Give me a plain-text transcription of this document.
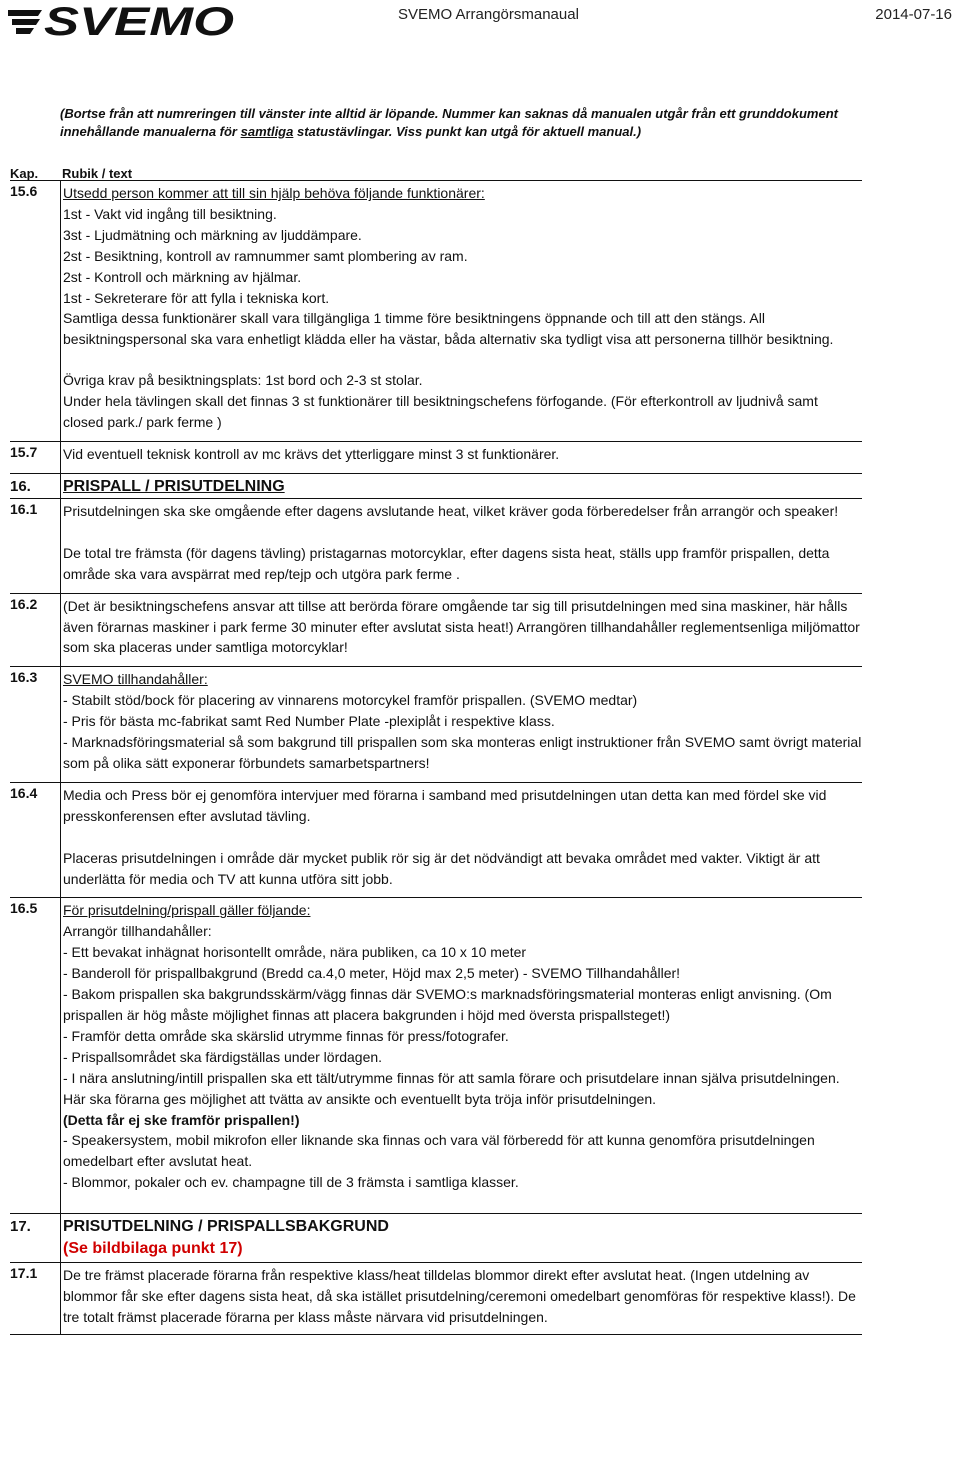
SVEMO	SVEMO Arrangörsmanaual	2014-07-16
(Bortse från att numreringen till vänster inte alltid är löpande. Nummer kan saknas då manualen utgår från ett grunddokument innehållande manualerna för samtliga statustävlingar. Viss punkt kan utgå för aktuell manual.)
Kap. Rubik / text
15.6	Utsedd person kommer att till sin hjälp behöva följande funktionärer:

1st - Vakt vid ingång till besiktning.

3st - Ljudmätning och märkning av ljuddämpare.

2st - Besiktning, kontroll av ramnummer samt plombering av ram.

2st - Kontroll och märkning av hjälmar.

1st - Sekreterare för att fylla i tekniska kort.

Samtliga dessa funktionärer skall vara tillgängliga 1 timme före besiktningens öppnande och till att den stängs. All besiktningspersonal ska vara enhetligt klädda eller ha västar, båda alternativ ska tydligt visa att personerna tillhör besiktning.

Övriga krav på besiktningsplats: 1st bord och 2-3 st stolar.

Under hela tävlingen skall det finnas 3 st funktionärer till besiktningschefens förfogande. (För efterkontroll av ljudnivå samt closed park./ park ferme )

15.7	Vid eventuell teknisk kontroll av mc krävs det ytterliggare minst 3 st funktionärer.

16.	PRISPALL / PRISUTDELNING

16.1	Prisutdelningen ska ske omgående efter dagens avslutande heat, vilket kräver goda förberedelser från arrangör och speaker!

De total tre främsta (för dagens tävling) pristagarnas motorcyklar, efter dagens sista heat, ställs upp framför prispallen, detta område ska vara avspärrat med rep/tejp och utgöra park ferme .

16.2	(Det är besiktningschefens ansvar att tillse att berörda förare omgående tar sig till prisutdelningen med sina maskiner, här hålls även förarnas maskiner i park ferme 30 minuter efter avslutat sista heat!) Arrangören tillhandahåller reglementsenliga miljömattor som ska placeras under samtliga motorcyklar!

16.3	SVEMO tillhandahåller:

- Stabilt stöd/bock för placering av vinnarens motorcykel framför prispallen. (SVEMO medtar)

- Pris för bästa mc-fabrikat samt Red Number Plate -plexiplåt i respektive klass.

- Marknadsföringsmaterial så som bakgrund till prispallen som ska monteras enligt instruktioner från SVEMO samt övrigt material som på olika sätt exponerar förbundets samarbetspartners!

16.4	Media och Press bör ej genomföra intervjuer med förarna i samband med prisutdelningen utan detta kan med fördel ske vid presskonferensen efter avslutad tävling.

Placeras prisutdelningen i område där mycket publik rör sig är det nödvändigt att bevaka området med vakter. Viktigt är att underlätta för media och TV att kunna utföra sitt jobb.

16.5	För prisutdelning/prispall gäller följande:

Arrangör tillhandahåller:

- Ett bevakat inhägnat horisontellt område, nära publiken, ca 10 x 10 meter

- Banderoll för prispallbakgrund (Bredd ca.4,0 meter, Höjd max 2,5 meter) - SVEMO Tillhandahåller!

- Bakom prispallen ska bakgrundsskärm/vägg finnas där SVEMO:s marknadsföringsmaterial monteras enligt anvisning. (Om prispallen är hög måste möjlighet finnas att placera bakgrunden i höjd med översta prispallsteget!)

- Framför detta område ska skärslid utrymme finnas för press/fotografer.

- Prispallsområdet ska färdigställas under lördagen.

- I nära anslutning/intill prispallen ska ett tält/utrymme finnas för att samla förare och prisutdelare innan själva prisutdelningen. Här ska förarna ges möjlighet att tvätta av ansikte och eventuellt byta tröja inför prisutdelningen.

(Detta får ej ske framför prispallen!)

- Speakersystem, mobil mikrofon eller liknande ska finnas och vara väl förberedd för att kunna genomföra prisutdelningen omedelbart efter avslutat heat.

- Blommor, pokaler och ev. champagne till de 3 främsta i samtliga klasser.

17.	PRISUTDELNING / PRISPALLSBAKGRUND

(Se bildbilaga punkt 17)

17.1	De tre främst placerade förarna från respektive klass/heat tilldelas blommor direkt efter avslutat heat. (Ingen utdelning av blommor får ske efter dagens sista heat, då ska istället prisutdelning/ceremoni omedelbart genomföras för respektive klass!). De tre totalt främst placerade förarna per klass måste närvara vid prisutdelningen.
